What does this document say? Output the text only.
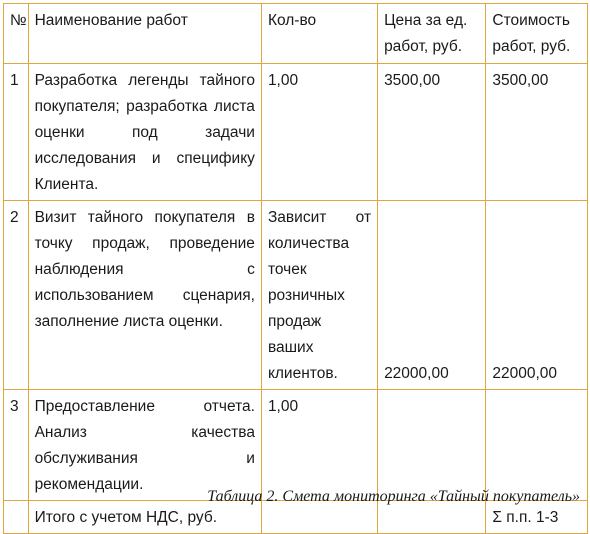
№	Наименование работ	Кол-во	Цена за ед. работ, руб.	Стоимость работ, руб.
1	Разработка легенды тайного покупателя; разработка листа оценки под задачи исследования и специфику Клиента.	1,00	3500,00	3500,00
2	Визит тайного покупателя в точку продаж, проведение наблюдения с использованием сценария, заполнение листа оценки.	Зависит от количества точек розничных продаж ваших клиентов.	22000,00	22000,00
3	Предоставление отчета. Анализ качества обслуживания и рекомендации.	1,00		
	Итого с учетом НДС, руб.			Σ п.п. 1-3
Таблица 2. Смета мониторинга «Тайный покупатель»
